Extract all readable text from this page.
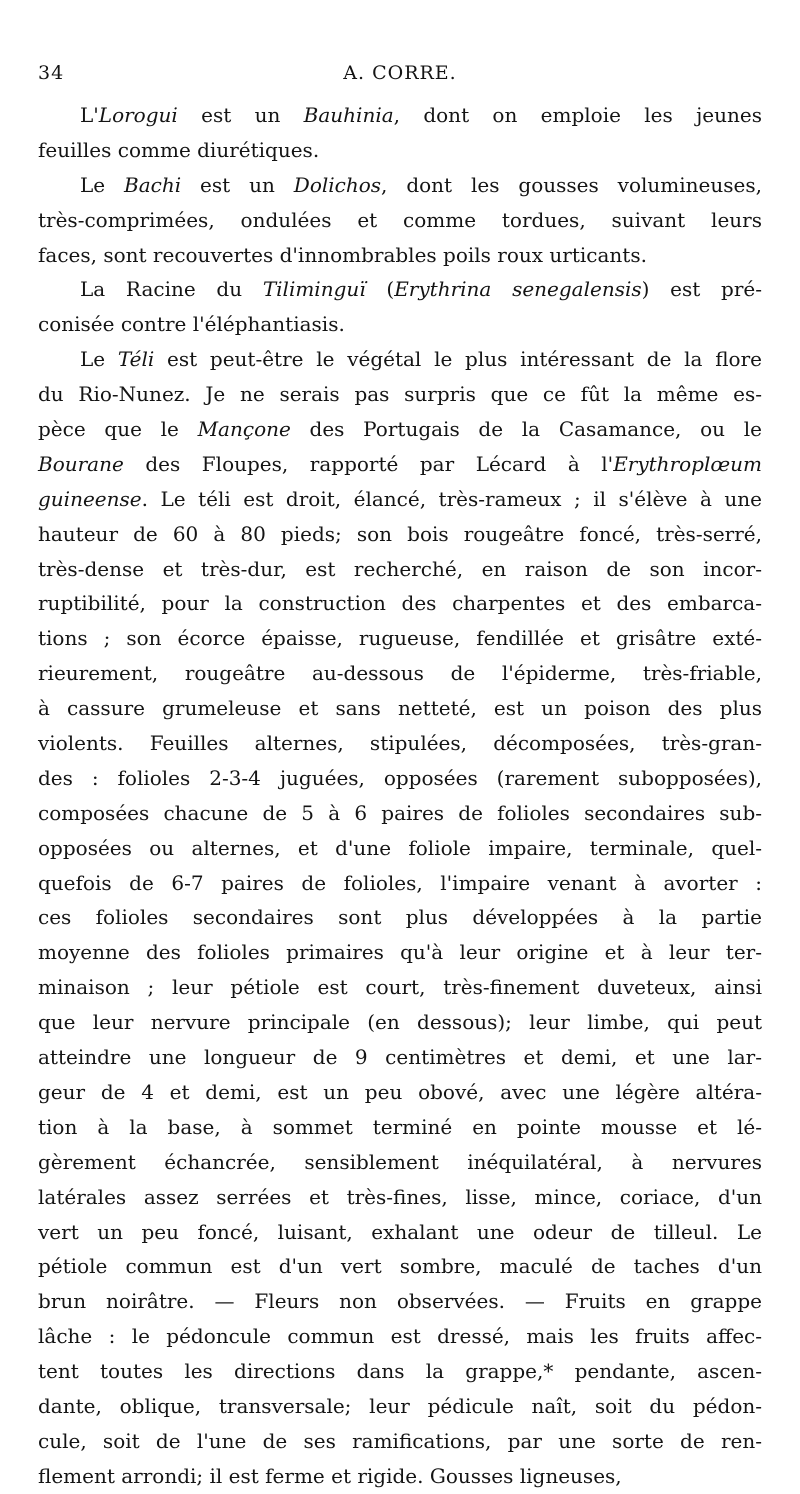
34	A. CORRE.

L'Lorogui est un Bauhinia, dont on emploie les jeunes
feuilles comme diurétiques.

Le Bachi est un Dolichos, dont les gousses volumineuses,
très-comprimées, ondulées et comme tordues, suivant leurs
faces, sont recouvertes d'innombrables poils roux urticants.

La Racine du Tiliminguï (Erythrina senegalensis) est pré-
conisée contre l'éléphantiasis.

Le Téli est peut-être le végétal le plus intéressant de la flore
du Rio-Nunez. Je ne serais pas surpris que ce fût la même es-
pèce que le Mançone des Portugais de la Casamance, ou le
Bourane des Floupes, rapporté par Lécard à l'Erythroplœum
guineense. Le téli est droit, élancé, très-rameux ; il s'élève à une
hauteur de 60 à 80 pieds; son bois rougeâtre foncé, très-serré,
très-dense et très-dur, est recherché, en raison de son incor-
ruptibilité, pour la construction des charpentes et des embarca-
tions ; son écorce épaisse, rugueuse, fendillée et grisâtre exté-
rieurement, rougeâtre au-dessous de l'épiderme, très-friable,
à cassure grumeleuse et sans netteté, est un poison des plus
violents. Feuilles alternes, stipulées, décomposées, très-gran-
des : folioles 2-3-4 juguées, opposées (rarement subopposées),
composées chacune de 5 à 6 paires de folioles secondaires sub-
opposées ou alternes, et d'une foliole impaire, terminale, quel-
quefois de 6-7 paires de folioles, l'impaire venant à avorter :
ces folioles secondaires sont plus développées à la partie
moyenne des folioles primaires qu'à leur origine et à leur ter-
minaison ; leur pétiole est court, très-finement duveteux, ainsi
que leur nervure principale (en dessous); leur limbe, qui peut
atteindre une longueur de 9 centimètres et demi, et une lar-
geur de 4 et demi, est un peu obové, avec une légère altéra-
tion à la base, à sommet terminé en pointe mousse et lé-
gèrement échancrée, sensiblement inéquilatéral, à nervures
latérales assez serrées et très-fines, lisse, mince, coriace, d'un
vert un peu foncé, luisant, exhalant une odeur de tilleul. Le
pétiole commun est d'un vert sombre, maculé de taches d'un
brun noirâtre. — Fleurs non observées. — Fruits en grappe
lâche : le pédoncule commun est dressé, mais les fruits affec-
tent toutes les directions dans la grappe,* pendante, ascen-
dante, oblique, transversale; leur pédicule naît, soit du pédon-
cule, soit de l'une de ses ramifications, par une sorte de ren-
flement arrondi; il est ferme et rigide. Gousses ligneuses,
